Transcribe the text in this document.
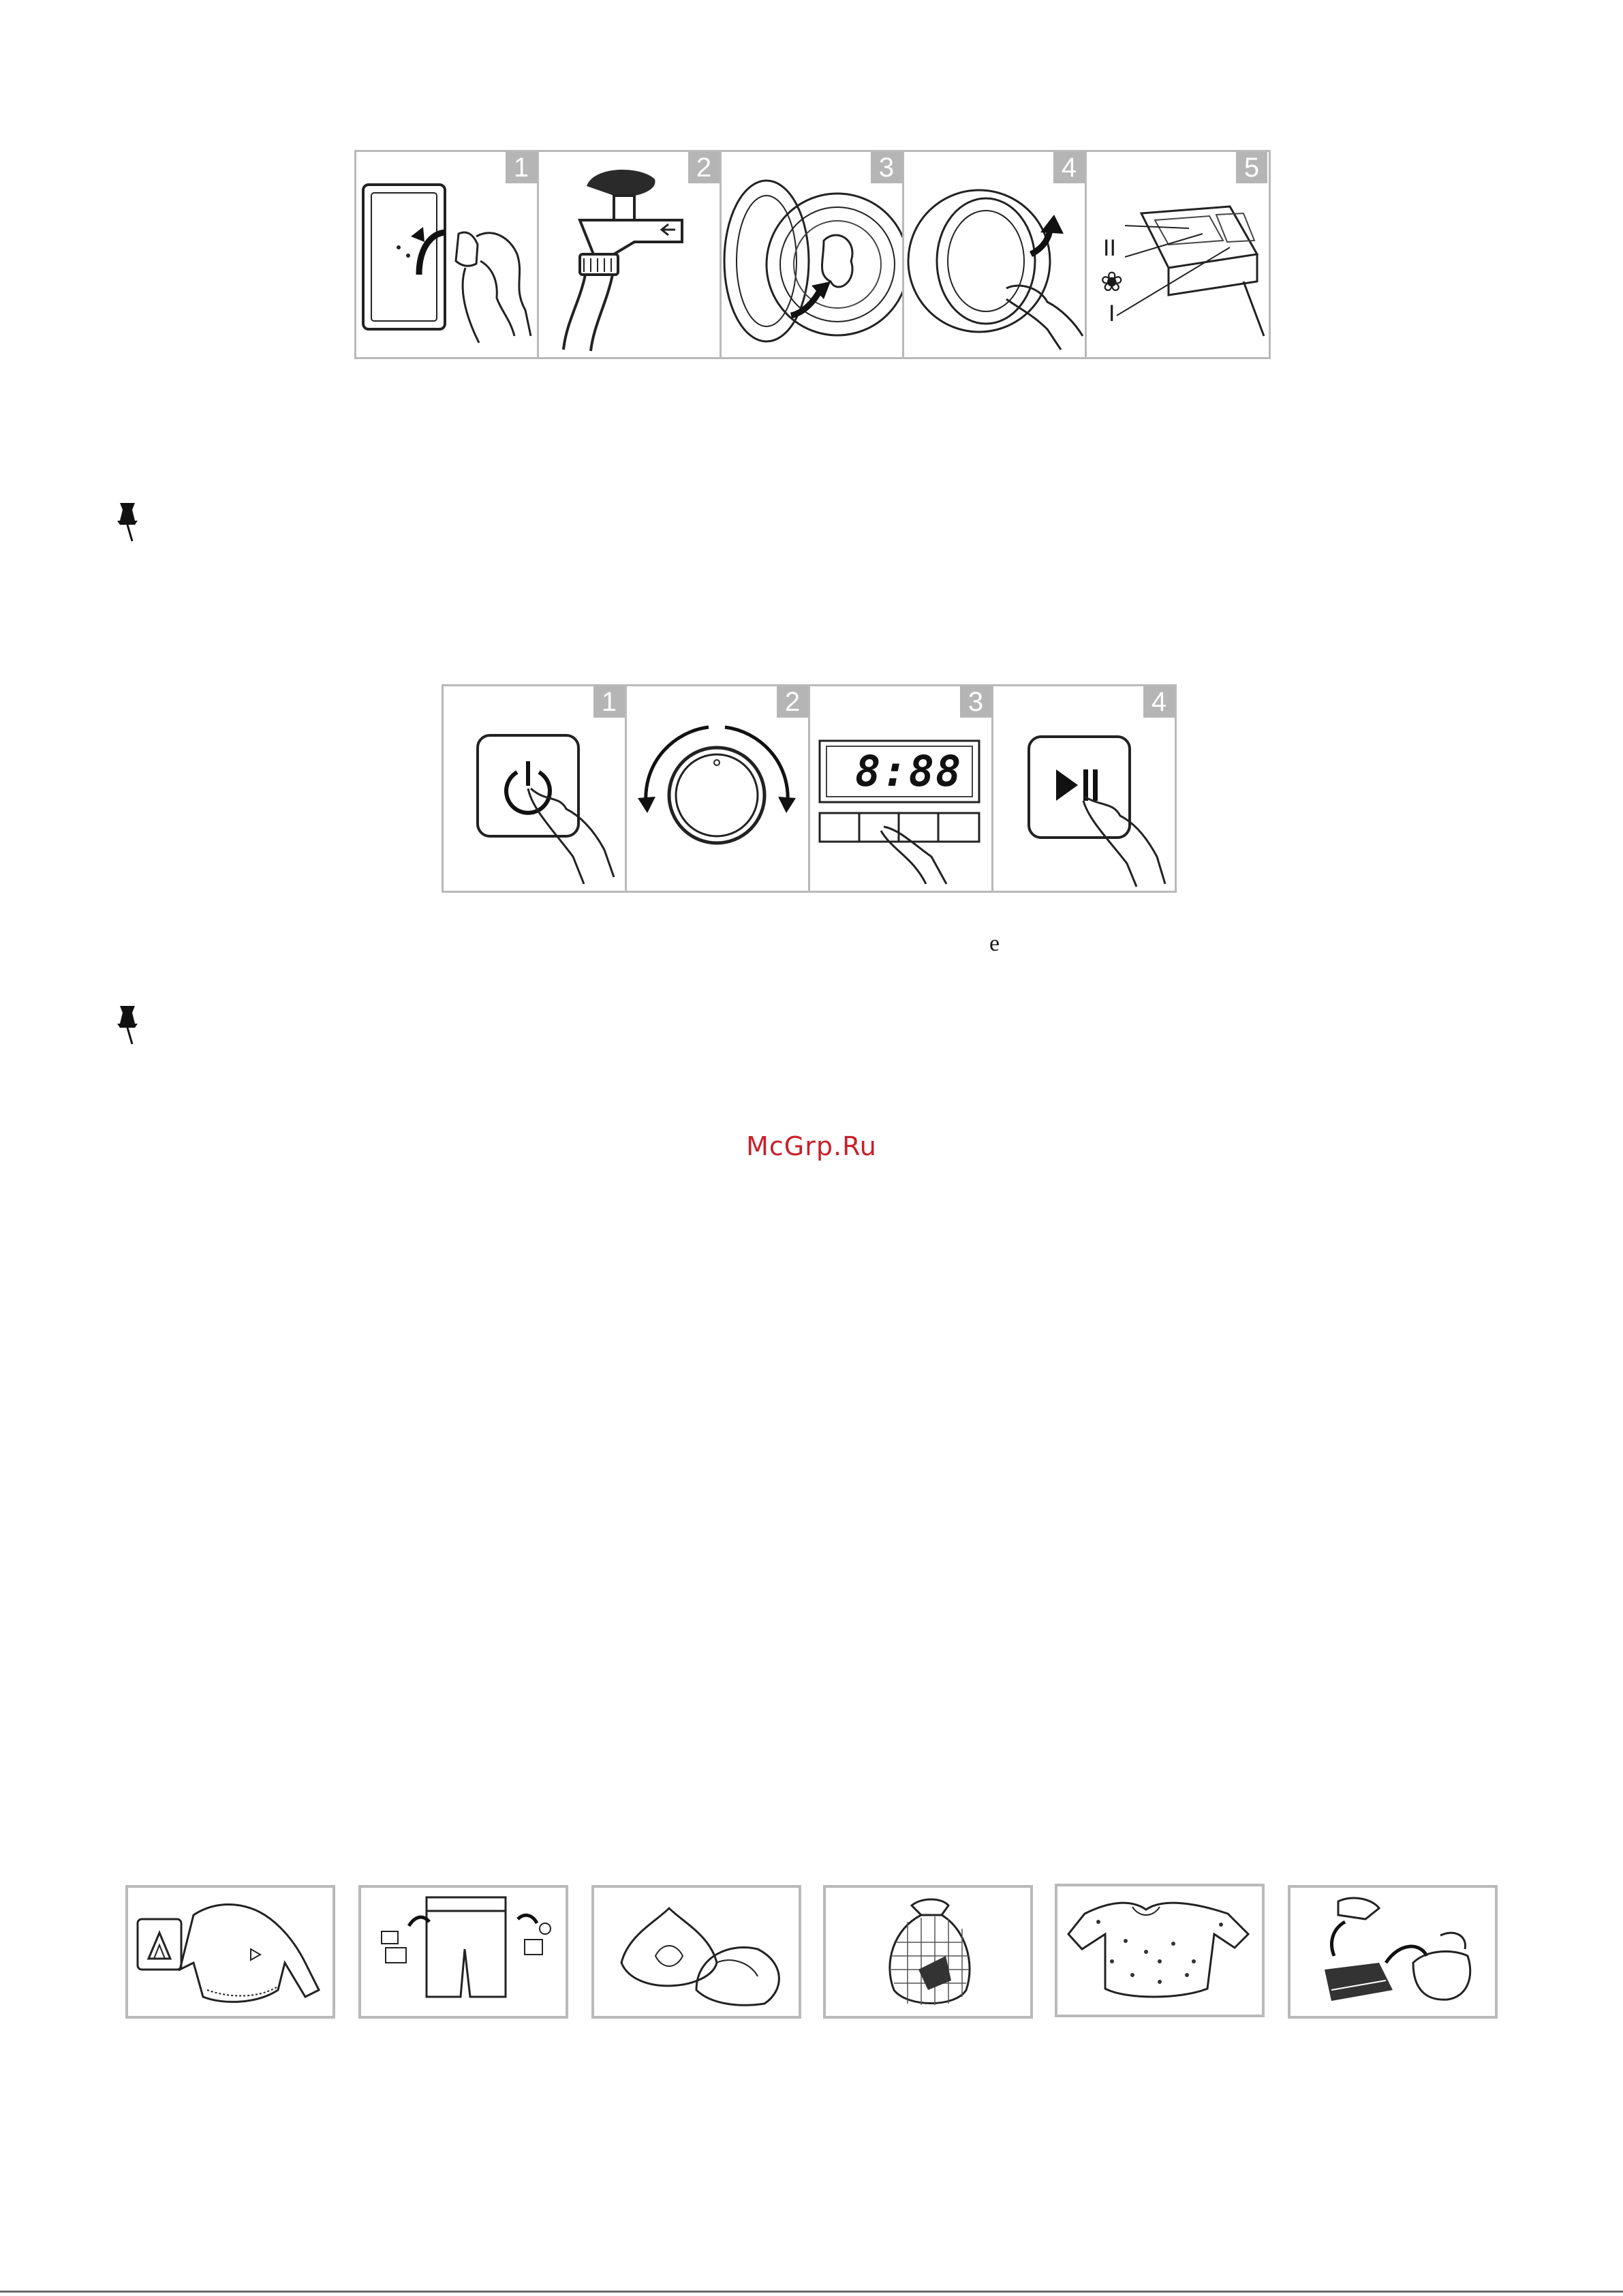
1	2	3	4	5
II
❀
I
1	2	3
8:88
4
e
McGrp.Ru
